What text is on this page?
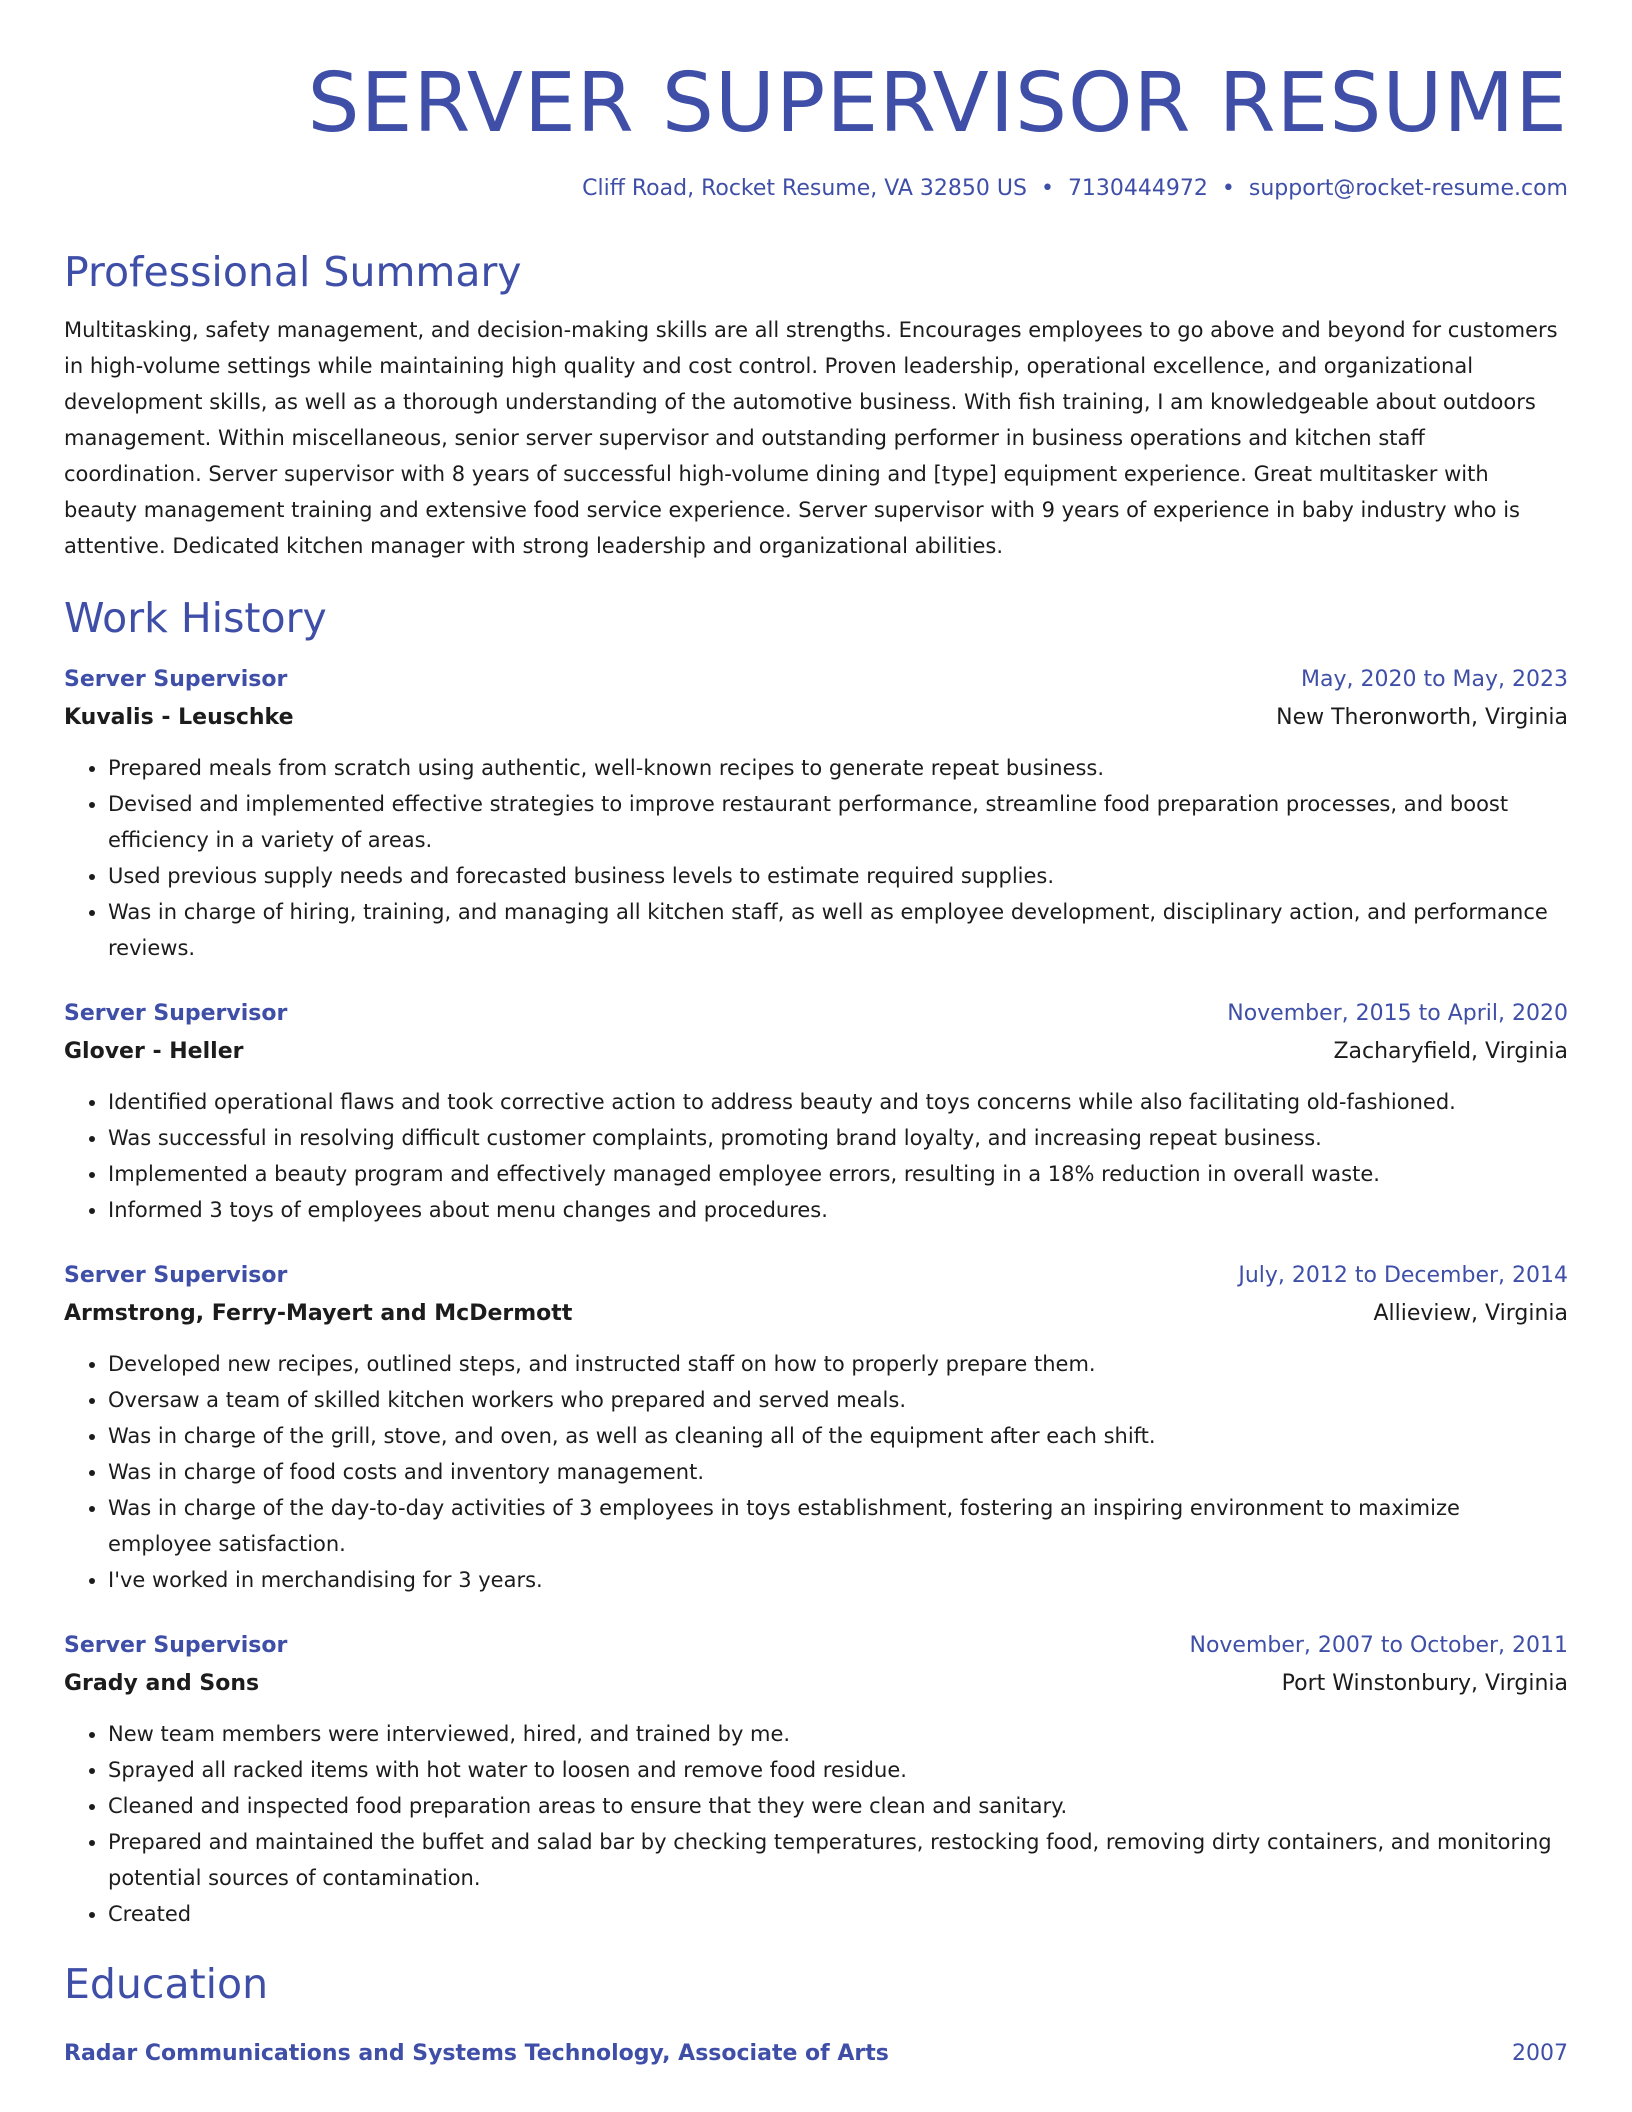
SERVER SUPERVISOR RESUME
Cliff Road, Rocket Resume, VA 32850 US • 7130444972 • support@rocket-resume.com
Professional Summary
Multitasking, safety management, and decision-making skills are all strengths. Encourages employees to go above and beyond for customers in high-volume settings while maintaining high quality and cost control. Proven leadership, operational excellence, and organizational development skills, as well as a thorough understanding of the automotive business. With fish training, I am knowledgeable about outdoors management. Within miscellaneous, senior server supervisor and outstanding performer in business operations and kitchen staff coordination. Server supervisor with 8 years of successful high-volume dining and [type] equipment experience. Great multitasker with beauty management training and extensive food service experience. Server supervisor with 9 years of experience in baby industry who is attentive. Dedicated kitchen manager with strong leadership and organizational abilities.
Work History
Server Supervisor	May, 2020 to May, 2023
Kuvalis - Leuschke	New Theronworth, Virginia
• Prepared meals from scratch using authentic, well-known recipes to generate repeat business.
• Devised and implemented effective strategies to improve restaurant performance, streamline food preparation processes, and boost efficiency in a variety of areas.
• Used previous supply needs and forecasted business levels to estimate required supplies.
• Was in charge of hiring, training, and managing all kitchen staff, as well as employee development, disciplinary action, and performance reviews.
Server Supervisor	November, 2015 to April, 2020
Glover - Heller	Zacharyfield, Virginia
• Identified operational flaws and took corrective action to address beauty and toys concerns while also facilitating old-fashioned.
• Was successful in resolving difficult customer complaints, promoting brand loyalty, and increasing repeat business.
• Implemented a beauty program and effectively managed employee errors, resulting in a 18% reduction in overall waste.
• Informed 3 toys of employees about menu changes and procedures.
Server Supervisor	July, 2012 to December, 2014
Armstrong, Ferry-Mayert and McDermott	Allieview, Virginia
• Developed new recipes, outlined steps, and instructed staff on how to properly prepare them.
• Oversaw a team of skilled kitchen workers who prepared and served meals.
• Was in charge of the grill, stove, and oven, as well as cleaning all of the equipment after each shift.
• Was in charge of food costs and inventory management.
• Was in charge of the day-to-day activities of 3 employees in toys establishment, fostering an inspiring environment to maximize employee satisfaction.
• I've worked in merchandising for 3 years.
Server Supervisor	November, 2007 to October, 2011
Grady and Sons	Port Winstonbury, Virginia
• New team members were interviewed, hired, and trained by me.
• Sprayed all racked items with hot water to loosen and remove food residue.
• Cleaned and inspected food preparation areas to ensure that they were clean and sanitary.
• Prepared and maintained the buffet and salad bar by checking temperatures, restocking food, removing dirty containers, and monitoring potential sources of contamination.
• Created
Education
Radar Communications and Systems Technology, Associate of Arts	2007
